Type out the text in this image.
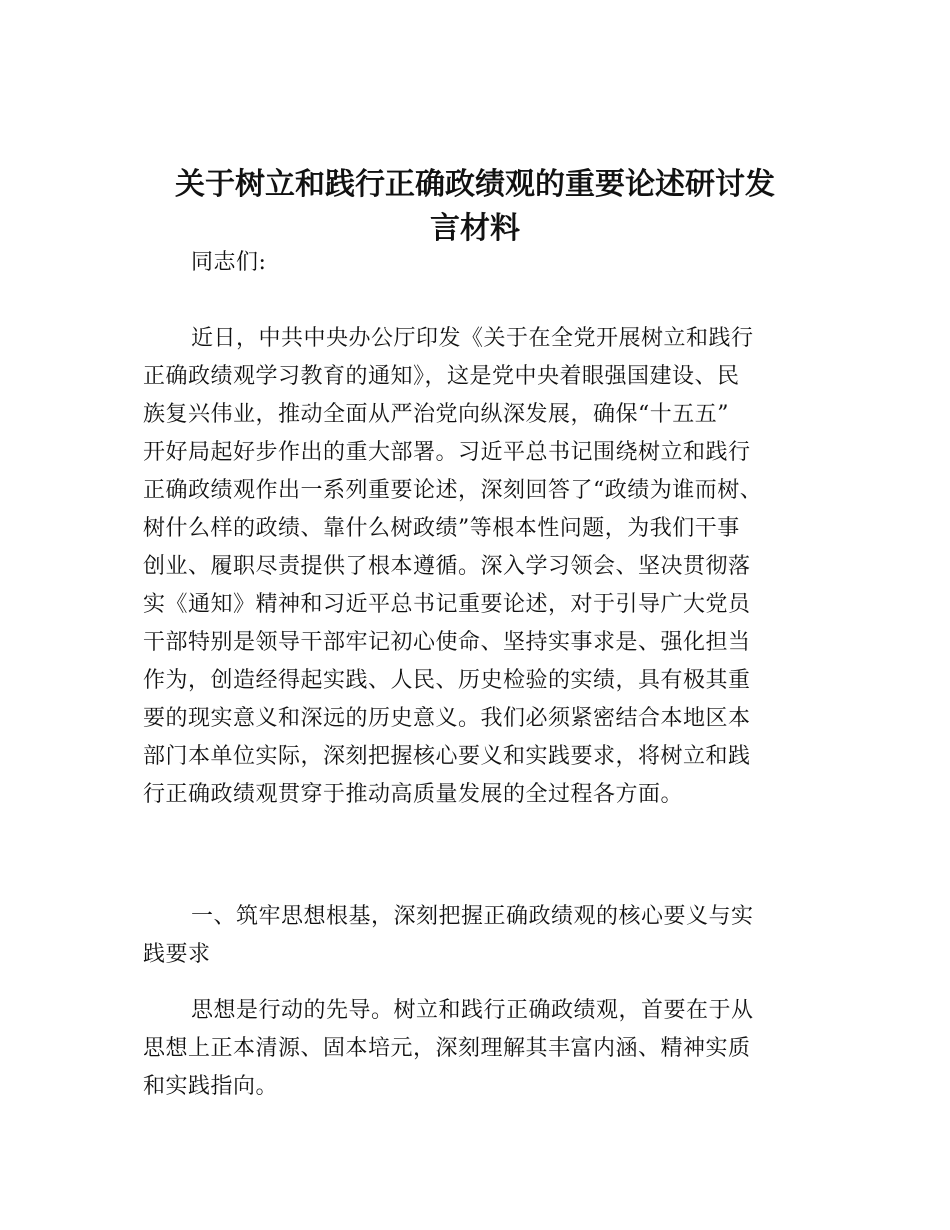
关于树立和践行正确政绩观的重要论述研讨发
言材料
同志们:
近日，中共中央办公厅印发《关于在全党开展树立和践行
正确政绩观学习教育的通知》，这是党中央着眼强国建设、民
族复兴伟业，推动全面从严治党向纵深发展，确保“十五五”
开好局起好步作出的重大部署。习近平总书记围绕树立和践行
正确政绩观作出一系列重要论述，深刻回答了“政绩为谁而树、
树什么样的政绩、靠什么树政绩”等根本性问题，为我们干事
创业、履职尽责提供了根本遵循。深入学习领会、坚决贯彻落
实《通知》精神和习近平总书记重要论述，对于引导广大党员
干部特别是领导干部牢记初心使命、坚持实事求是、强化担当
作为，创造经得起实践、人民、历史检验的实绩，具有极其重
要的现实意义和深远的历史意义。我们必须紧密结合本地区本
部门本单位实际，深刻把握核心要义和实践要求，将树立和践
行正确政绩观贯穿于推动高质量发展的全过程各方面。
一、筑牢思想根基，深刻把握正确政绩观的核心要义与实
践要求
思想是行动的先导。树立和践行正确政绩观，首要在于从
思想上正本清源、固本培元，深刻理解其丰富内涵、精神实质
和实践指向。
